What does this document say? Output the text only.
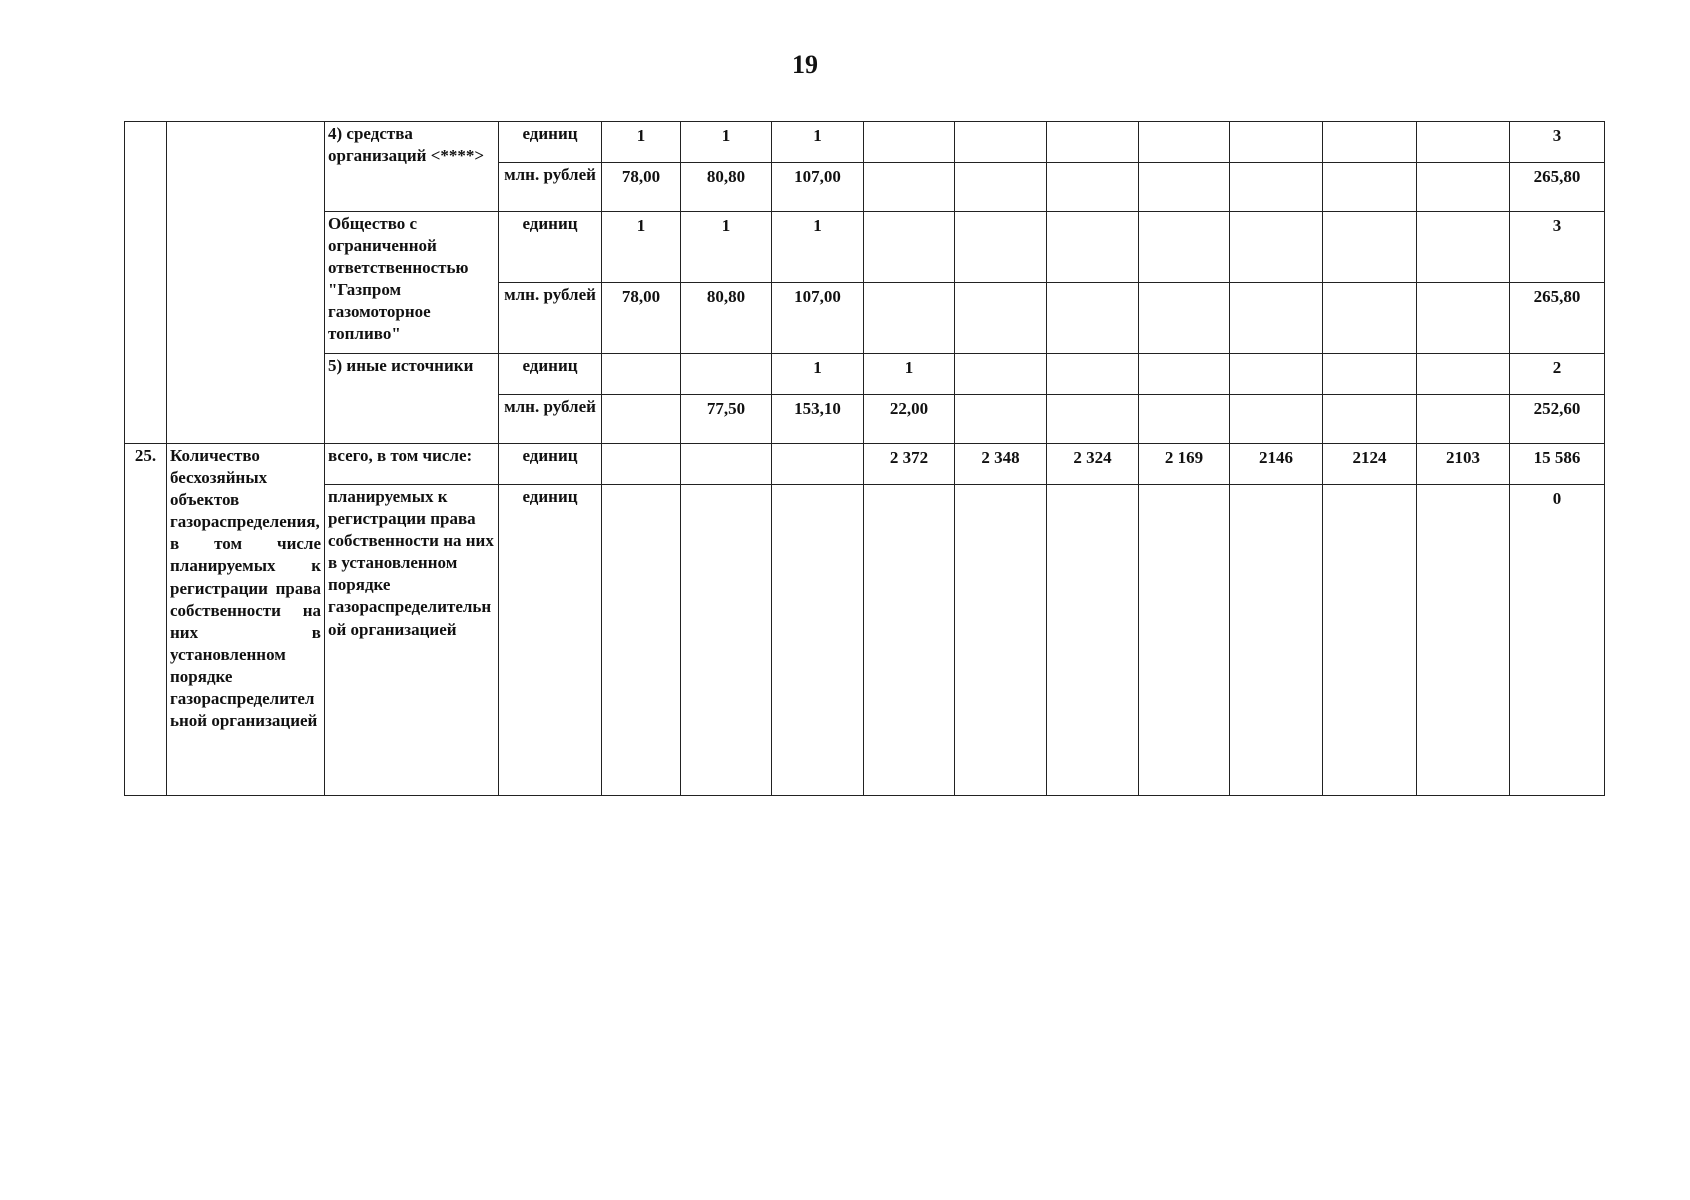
19
		4) средства организаций <****>	единиц	1	1	1								3
			млн. рублей	78,00	80,80	107,00								265,80
		Общество с ограниченной ответственностью "Газпром газомоторное топливо"	единиц	1	1	1								3
			млн. рублей	78,00	80,80	107,00								265,80
		5) иные источники	единиц			1	1							2
			млн. рублей		77,50	153,10	22,00							252,60
25.	Количество бесхозяйных объектов газораспределения, в том числе планируемых к регистрации права собственности на них в установленном порядке газораспределительной организацией	всего, в том числе:	единиц				2 372	2 348	2 324	2 169	2146	2124	2103	15 586
		планируемых к регистрации права собственности на них в установленном порядке газораспределительной организацией	единиц											0
